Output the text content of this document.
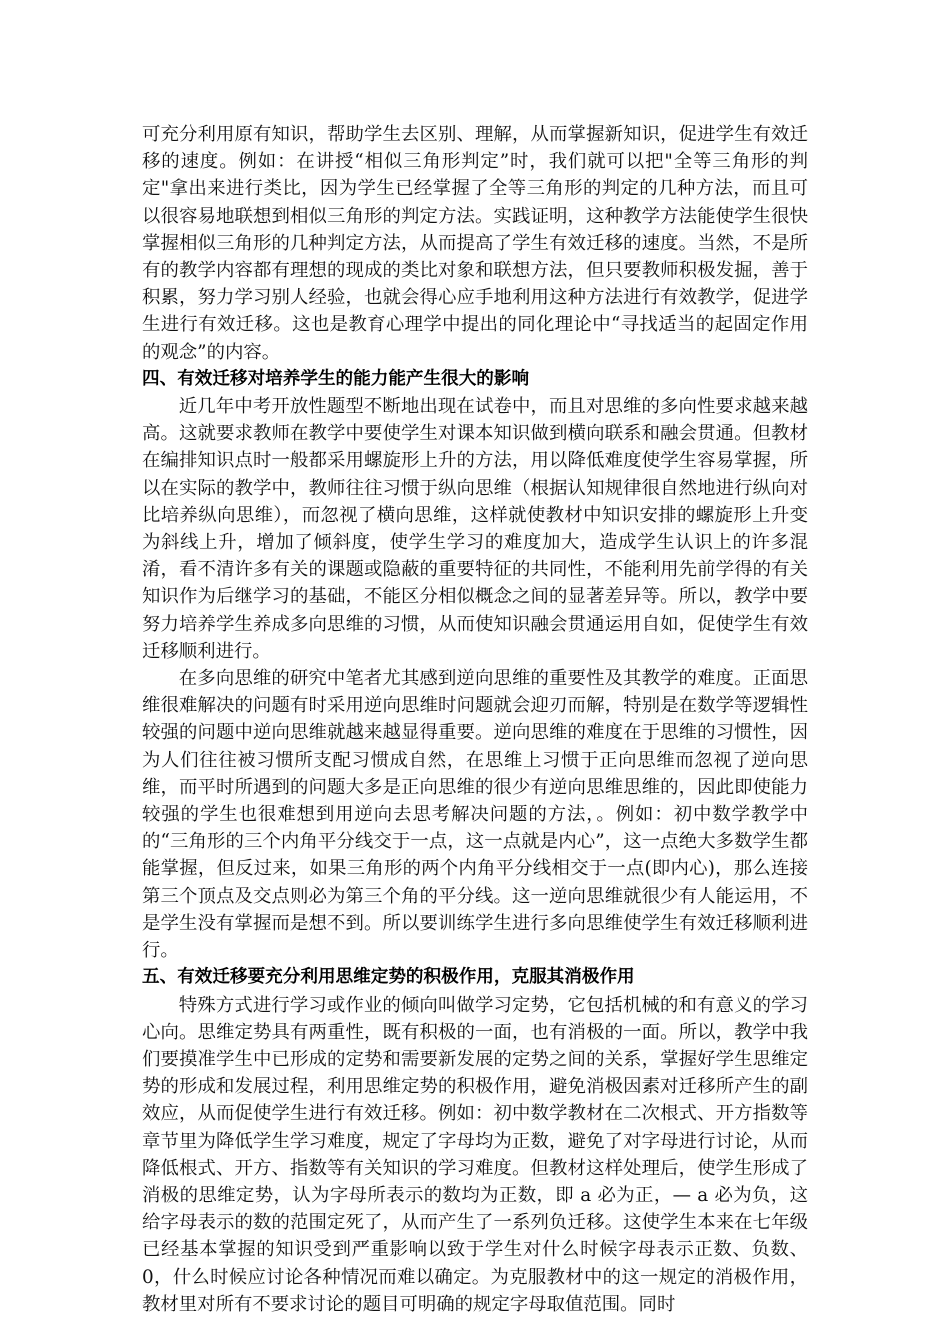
可充分利用原有知识，帮助学生去区别、理解，从而掌握新知识，促进学生有效迁移的速度。例如：在讲授“相似三角形判定”时，我们就可以把"全等三角形的判定"拿出来进行类比，因为学生已经掌握了全等三角形的判定的几种方法，而且可以很容易地联想到相似三角形的判定方法。实践证明，这种教学方法能使学生很快掌握相似三角形的几种判定方法，从而提高了学生有效迁移的速度。当然，不是所有的教学内容都有理想的现成的类比对象和联想方法，但只要教师积极发掘，善于积累，努力学习别人经验，也就会得心应手地利用这种方法进行有效教学，促进学生进行有效迁移。这也是教育心理学中提出的同化理论中“寻找适当的起固定作用的观念”的内容。

四、有效迁移对培养学生的能力能产生很大的影响

近几年中考开放性题型不断地出现在试卷中，而且对思维的多向性要求越来越高。这就要求教师在教学中要使学生对课本知识做到横向联系和融会贯通。但教材在编排知识点时一般都采用螺旋形上升的方法，用以降低难度使学生容易掌握，所以在实际的教学中，教师往往习惯于纵向思维（根据认知规律很自然地进行纵向对比培养纵向思维），而忽视了横向思维，这样就使教材中知识安排的螺旋形上升变为斜线上升，增加了倾斜度，使学生学习的难度加大，造成学生认识上的许多混淆，看不清许多有关的课题或隐蔽的重要特征的共同性，不能利用先前学得的有关知识作为后继学习的基础，不能区分相似概念之间的显著差异等。所以，教学中要努力培养学生养成多向思维的习惯，从而使知识融会贯通运用自如，促使学生有效迁移顺利进行。

在多向思维的研究中笔者尤其感到逆向思维的重要性及其教学的难度。正面思维很难解决的问题有时采用逆向思维时问题就会迎刃而解，特别是在数学等逻辑性较强的问题中逆向思维就越来越显得重要。逆向思维的难度在于思维的习惯性，因为人们往往被习惯所支配习惯成自然，在思维上习惯于正向思维而忽视了逆向思维，而平时所遇到的问题大多是正向思维的很少有逆向思维思维的，因此即使能力较强的学生也很难想到用逆向去思考解决问题的方法，。例如：初中数学教学中的“三角形的三个内角平分线交于一点，这一点就是内心”，这一点绝大多数学生都能掌握，但反过来，如果三角形的两个内角平分线相交于一点(即内心)，那么连接第三个顶点及交点则必为第三个角的平分线。这一逆向思维就很少有人能运用，不是学生没有掌握而是想不到。所以要训练学生进行多向思维使学生有效迁移顺利进行。

五、有效迁移要充分利用思维定势的积极作用，克服其消极作用

特殊方式进行学习或作业的倾向叫做学习定势，它包括机械的和有意义的学习心向。思维定势具有两重性，既有积极的一面，也有消极的一面。所以，教学中我们要摸准学生中已形成的定势和需要新发展的定势之间的关系，掌握好学生思维定势的形成和发展过程，利用思维定势的积极作用，避免消极因素对迁移所产生的副效应，从而促使学生进行有效迁移。例如：初中数学教材在二次根式、开方指数等章节里为降低学生学习难度，规定了字母均为正数，避免了对字母进行讨论，从而降低根式、开方、指数等有关知识的学习难度。但教材这样处理后，使学生形成了消极的思维定势，认为字母所表示的数均为正数，即 a 必为正，— a 必为负，这给字母表示的数的范围定死了，从而产生了一系列负迁移。这使学生本来在七年级已经基本掌握的知识受到严重影响以致于学生对什么时候字母表示正数、负数、0，什么时候应讨论各种情况而难以确定。为克服教材中的这一规定的消极作用，教材里对所有不要求讨论的题目可明确的规定字母取值范围。同时
